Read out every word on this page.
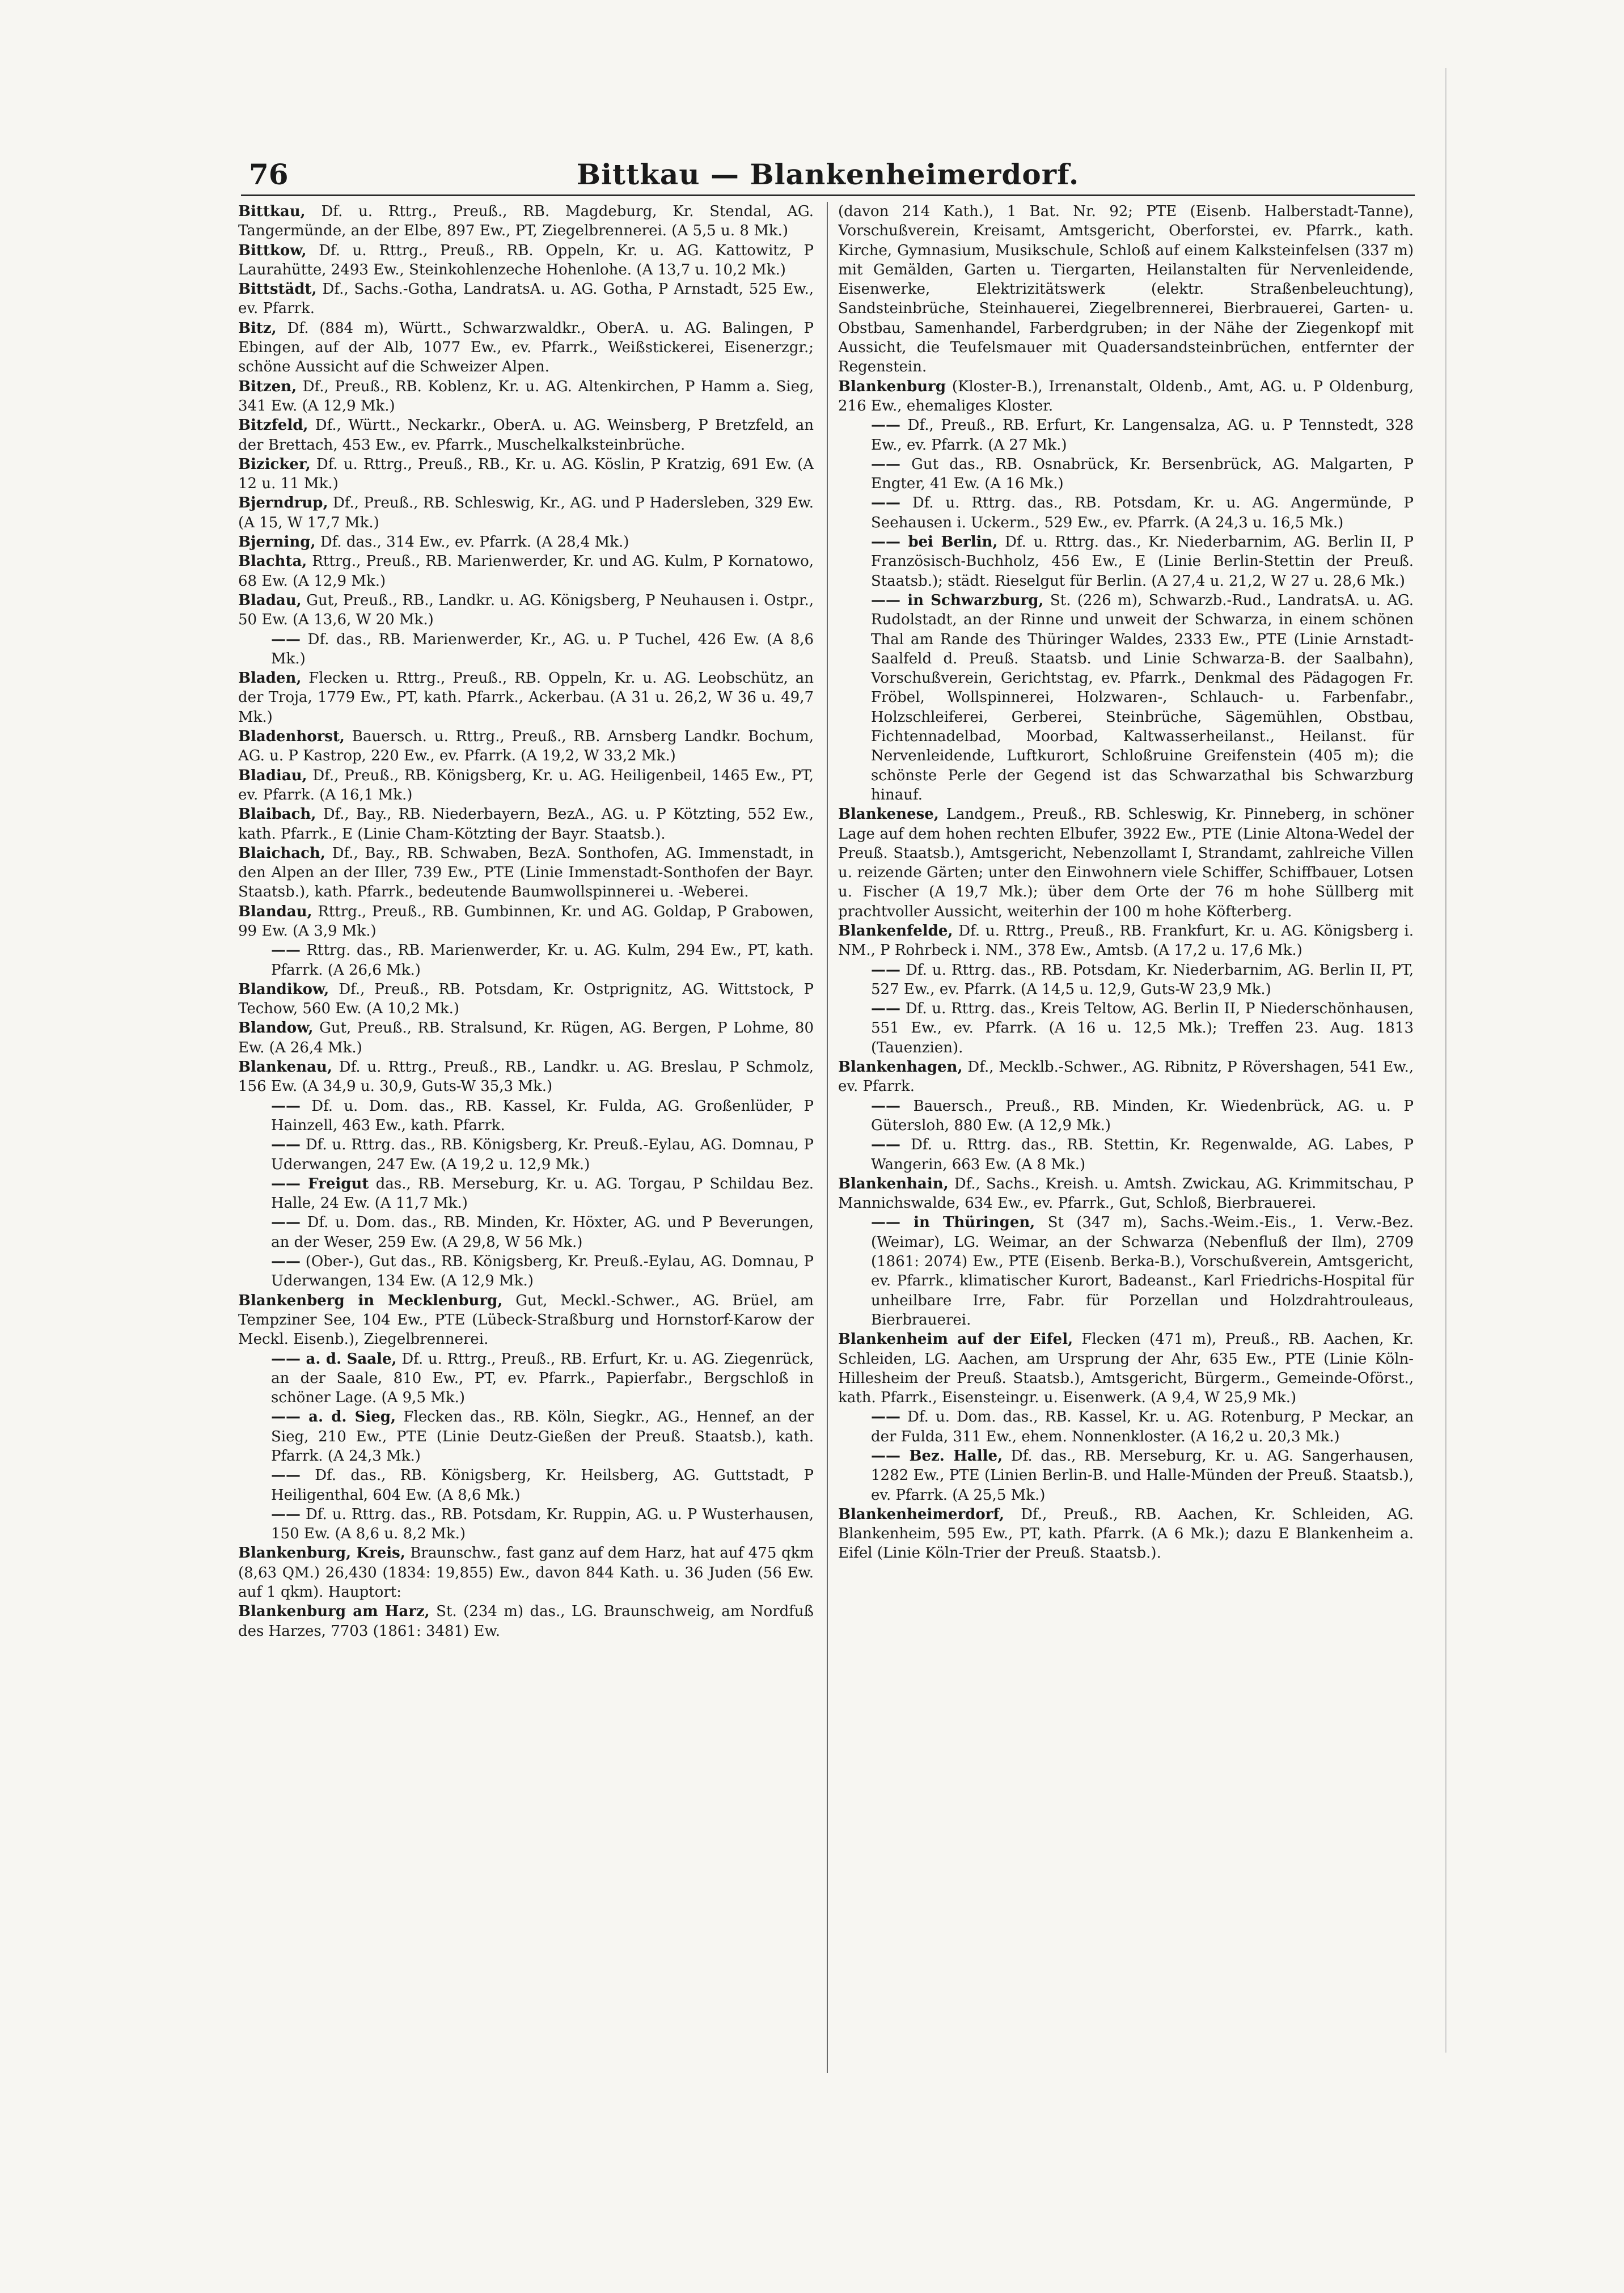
76	Bittkau — Blankenheimerdorf.

Bittkau, Df. u. Rttrg., Preuß., RB. Magdeburg, Kr. Stendal, AG. Tangermünde, an der Elbe, 897 Ew., PT, Ziegelbrennerei. (A 5,5 u. 8 Mk.)

Bittkow, Df. u. Rttrg., Preuß., RB. Oppeln, Kr. u. AG. Kattowitz, P Laurahütte, 2493 Ew., Steinkohlenzeche Hohenlohe. (A 13,7 u. 10,2 Mk.)

Bittstädt, Df., Sachs.-Gotha, LandratsA. u. AG. Gotha, P Arnstadt, 525 Ew., ev. Pfarrk.

Bitz, Df. (884 m), Württ., Schwarzwaldkr., OberA. u. AG. Balingen, P Ebingen, auf der Alb, 1077 Ew., ev. Pfarrk., Weißstickerei, Eisenerzgr.; schöne Aussicht auf die Schweizer Alpen.

Bitzen, Df., Preuß., RB. Koblenz, Kr. u. AG. Altenkirchen, P Hamm a. Sieg, 341 Ew. (A 12,9 Mk.)

Bitzfeld, Df., Württ., Neckarkr., OberA. u. AG. Weinsberg, P Bretzfeld, an der Brettach, 453 Ew., ev. Pfarrk., Muschelkalksteinbrüche.

Bizicker, Df. u. Rttrg., Preuß., RB., Kr. u. AG. Köslin, P Kratzig, 691 Ew. (A 12 u. 11 Mk.)

Bjerndrup, Df., Preuß., RB. Schleswig, Kr., AG. und P Hadersleben, 329 Ew. (A 15, W 17,7 Mk.)

Bjerning, Df. das., 314 Ew., ev. Pfarrk. (A 28,4 Mk.)

Blachta, Rttrg., Preuß., RB. Marienwerder, Kr. und AG. Kulm, P Kornatowo, 68 Ew. (A 12,9 Mk.)

Bladau, Gut, Preuß., RB., Landkr. u. AG. Königsberg, P Neuhausen i. Ostpr., 50 Ew. (A 13,6, W 20 Mk.)

—— Df. das., RB. Marienwerder, Kr., AG. u. P Tuchel, 426 Ew. (A 8,6 Mk.)

Bladen, Flecken u. Rttrg., Preuß., RB. Oppeln, Kr. u. AG. Leobschütz, an der Troja, 1779 Ew., PT, kath. Pfarrk., Ackerbau. (A 31 u. 26,2, W 36 u. 49,7 Mk.)

Bladenhorst, Bauersch. u. Rttrg., Preuß., RB. Arnsberg Landkr. Bochum, AG. u. P Kastrop, 220 Ew., ev. Pfarrk. (A 19,2, W 33,2 Mk.)

Bladiau, Df., Preuß., RB. Königsberg, Kr. u. AG. Heiligenbeil, 1465 Ew., PT, ev. Pfarrk. (A 16,1 Mk.)

Blaibach, Df., Bay., RB. Niederbayern, BezA., AG. u. P Kötzting, 552 Ew., kath. Pfarrk., E (Linie Cham-Kötzting der Bayr. Staatsb.).

Blaichach, Df., Bay., RB. Schwaben, BezA. Sonthofen, AG. Immenstadt, in den Alpen an der Iller, 739 Ew., PTE (Linie Immenstadt-Sonthofen der Bayr. Staatsb.), kath. Pfarrk., bedeutende Baumwollspinnerei u. -Weberei.

Blandau, Rttrg., Preuß., RB. Gumbinnen, Kr. und AG. Goldap, P Grabowen, 99 Ew. (A 3,9 Mk.)

—— Rttrg. das., RB. Marienwerder, Kr. u. AG. Kulm, 294 Ew., PT, kath. Pfarrk. (A 26,6 Mk.)

Blandikow, Df., Preuß., RB. Potsdam, Kr. Ostprignitz, AG. Wittstock, P Techow, 560 Ew. (A 10,2 Mk.)

Blandow, Gut, Preuß., RB. Stralsund, Kr. Rügen, AG. Bergen, P Lohme, 80 Ew. (A 26,4 Mk.)

Blankenau, Df. u. Rttrg., Preuß., RB., Landkr. u. AG. Breslau, P Schmolz, 156 Ew. (A 34,9 u. 30,9, Guts-W 35,3 Mk.)

—— Df. u. Dom. das., RB. Kassel, Kr. Fulda, AG. Großenlüder, P Hainzell, 463 Ew., kath. Pfarrk.

—— Df. u. Rttrg. das., RB. Königsberg, Kr. Preuß.-Eylau, AG. Domnau, P Uderwangen, 247 Ew. (A 19,2 u. 12,9 Mk.)

—— Freigut das., RB. Merseburg, Kr. u. AG. Torgau, P Schildau Bez. Halle, 24 Ew. (A 11,7 Mk.)

—— Df. u. Dom. das., RB. Minden, Kr. Höxter, AG. und P Beverungen, an der Weser, 259 Ew. (A 29,8, W 56 Mk.)

—— (Ober-), Gut das., RB. Königsberg, Kr. Preuß.-Eylau, AG. Domnau, P Uderwangen, 134 Ew. (A 12,9 Mk.)

Blankenberg in Mecklenburg, Gut, Meckl.-Schwer., AG. Brüel, am Tempziner See, 104 Ew., PTE (Lübeck-Straßburg und Hornstorf-Karow der Meckl. Eisenb.), Ziegelbrennerei.

—— a. d. Saale, Df. u. Rttrg., Preuß., RB. Erfurt, Kr. u. AG. Ziegenrück, an der Saale, 810 Ew., PT, ev. Pfarrk., Papierfabr., Bergschloß in schöner Lage. (A 9,5 Mk.)

—— a. d. Sieg, Flecken das., RB. Köln, Siegkr., AG., Hennef, an der Sieg, 210 Ew., PTE (Linie Deutz-Gießen der Preuß. Staatsb.), kath. Pfarrk. (A 24,3 Mk.)

—— Df. das., RB. Königsberg, Kr. Heilsberg, AG. Guttstadt, P Heiligenthal, 604 Ew. (A 8,6 Mk.)

—— Df. u. Rttrg. das., RB. Potsdam, Kr. Ruppin, AG. u. P Wusterhausen, 150 Ew. (A 8,6 u. 8,2 Mk.)

Blankenburg, Kreis, Braunschw., fast ganz auf dem Harz, hat auf 475 qkm (8,63 QM.) 26,430 (1834: 19,855) Ew., davon 844 Kath. u. 36 Juden (56 Ew. auf 1 qkm). Hauptort:

Blankenburg am Harz, St. (234 m) das., LG. Braunschweig, am Nordfuß des Harzes, 7703 (1861: 3481) Ew.

(davon 214 Kath.), 1 Bat. Nr. 92; PTE (Eisenb. Halberstadt-Tanne), Vorschußverein, Kreisamt, Amtsgericht, Oberforstei, ev. Pfarrk., kath. Kirche, Gymnasium, Musikschule, Schloß auf einem Kalksteinfelsen (337 m) mit Gemälden, Garten u. Tiergarten, Heilanstalten für Nervenleidende, Eisenwerke, Elektrizitätswerk (elektr. Straßenbeleuchtung), Sandsteinbrüche, Steinhauerei, Ziegelbrennerei, Bierbrauerei, Garten- u. Obstbau, Samenhandel, Farberdgruben; in der Nähe der Ziegenkopf mit Aussicht, die Teufelsmauer mit Quadersandsteinbrüchen, entfernter der Regenstein.

Blankenburg (Kloster-B.), Irrenanstalt, Oldenb., Amt, AG. u. P Oldenburg, 216 Ew., ehemaliges Kloster.

—— Df., Preuß., RB. Erfurt, Kr. Langensalza, AG. u. P Tennstedt, 328 Ew., ev. Pfarrk. (A 27 Mk.)

—— Gut das., RB. Osnabrück, Kr. Bersenbrück, AG. Malgarten, P Engter, 41 Ew. (A 16 Mk.)

—— Df. u. Rttrg. das., RB. Potsdam, Kr. u. AG. Angermünde, P Seehausen i. Uckerm., 529 Ew., ev. Pfarrk. (A 24,3 u. 16,5 Mk.)

—— bei Berlin, Df. u. Rttrg. das., Kr. Niederbarnim, AG. Berlin II, P Französisch-Buchholz, 456 Ew., E (Linie Berlin-Stettin der Preuß. Staatsb.); städt. Rieselgut für Berlin. (A 27,4 u. 21,2, W 27 u. 28,6 Mk.)

—— in Schwarzburg, St. (226 m), Schwarzb.-Rud., LandratsA. u. AG. Rudolstadt, an der Rinne und unweit der Schwarza, in einem schönen Thal am Rande des Thüringer Waldes, 2333 Ew., PTE (Linie Arnstadt-Saalfeld d. Preuß. Staatsb. und Linie Schwarza-B. der Saalbahn), Vorschußverein, Gerichtstag, ev. Pfarrk., Denkmal des Pädagogen Fr. Fröbel, Wollspinnerei, Holzwaren-, Schlauch- u. Farbenfabr., Holzschleiferei, Gerberei, Steinbrüche, Sägemühlen, Obstbau, Fichtennadelbad, Moorbad, Kaltwasserheilanst., Heilanst. für Nervenleidende, Luftkurort, Schloßruine Greifenstein (405 m); die schönste Perle der Gegend ist das Schwarzathal bis Schwarzburg hinauf.

Blankenese, Landgem., Preuß., RB. Schleswig, Kr. Pinneberg, in schöner Lage auf dem hohen rechten Elbufer, 3922 Ew., PTE (Linie Altona-Wedel der Preuß. Staatsb.), Amtsgericht, Nebenzollamt I, Strandamt, zahlreiche Villen u. reizende Gärten; unter den Einwohnern viele Schiffer, Schiffbauer, Lotsen u. Fischer (A 19,7 Mk.); über dem Orte der 76 m hohe Süllberg mit prachtvoller Aussicht, weiterhin der 100 m hohe Köfterberg.

Blankenfelde, Df. u. Rttrg., Preuß., RB. Frankfurt, Kr. u. AG. Königsberg i. NM., P Rohrbeck i. NM., 378 Ew., Amtsb. (A 17,2 u. 17,6 Mk.)

—— Df. u. Rttrg. das., RB. Potsdam, Kr. Niederbarnim, AG. Berlin II, PT, 527 Ew., ev. Pfarrk. (A 14,5 u. 12,9, Guts-W 23,9 Mk.)

—— Df. u. Rttrg. das., Kreis Teltow, AG. Berlin II, P Niederschönhausen, 551 Ew., ev. Pfarrk. (A 16 u. 12,5 Mk.); Treffen 23. Aug. 1813 (Tauenzien).

Blankenhagen, Df., Mecklb.-Schwer., AG. Ribnitz, P Rövershagen, 541 Ew., ev. Pfarrk.

—— Bauersch., Preuß., RB. Minden, Kr. Wiedenbrück, AG. u. P Gütersloh, 880 Ew. (A 12,9 Mk.)

—— Df. u. Rttrg. das., RB. Stettin, Kr. Regenwalde, AG. Labes, P Wangerin, 663 Ew. (A 8 Mk.)

Blankenhain, Df., Sachs., Kreish. u. Amtsh. Zwickau, AG. Krimmitschau, P Mannichswalde, 634 Ew., ev. Pfarrk., Gut, Schloß, Bierbrauerei.

—— in Thüringen, St (347 m), Sachs.-Weim.-Eis., 1. Verw.-Bez. (Weimar), LG. Weimar, an der Schwarza (Nebenfluß der Ilm), 2709 (1861: 2074) Ew., PTE (Eisenb. Berka-B.), Vorschußverein, Amtsgericht, ev. Pfarrk., klimatischer Kurort, Badeanst., Karl Friedrichs-Hospital für unheilbare Irre, Fabr. für Porzellan und Holzdrahtrouleaus, Bierbrauerei.

Blankenheim auf der Eifel, Flecken (471 m), Preuß., RB. Aachen, Kr. Schleiden, LG. Aachen, am Ursprung der Ahr, 635 Ew., PTE (Linie Köln-Hillesheim der Preuß. Staatsb.), Amtsgericht, Bürgerm., Gemeinde-Oförst., kath. Pfarrk., Eisensteingr. u. Eisenwerk. (A 9,4, W 25,9 Mk.)

—— Df. u. Dom. das., RB. Kassel, Kr. u. AG. Rotenburg, P Meckar, an der Fulda, 311 Ew., ehem. Nonnenkloster. (A 16,2 u. 20,3 Mk.)

—— Bez. Halle, Df. das., RB. Merseburg, Kr. u. AG. Sangerhausen, 1282 Ew., PTE (Linien Berlin-B. und Halle-Münden der Preuß. Staatsb.), ev. Pfarrk. (A 25,5 Mk.)

Blankenheimerdorf, Df., Preuß., RB. Aachen, Kr. Schleiden, AG. Blankenheim, 595 Ew., PT, kath. Pfarrk. (A 6 Mk.); dazu E Blankenheim a. Eifel (Linie Köln-Trier der Preuß. Staatsb.).
